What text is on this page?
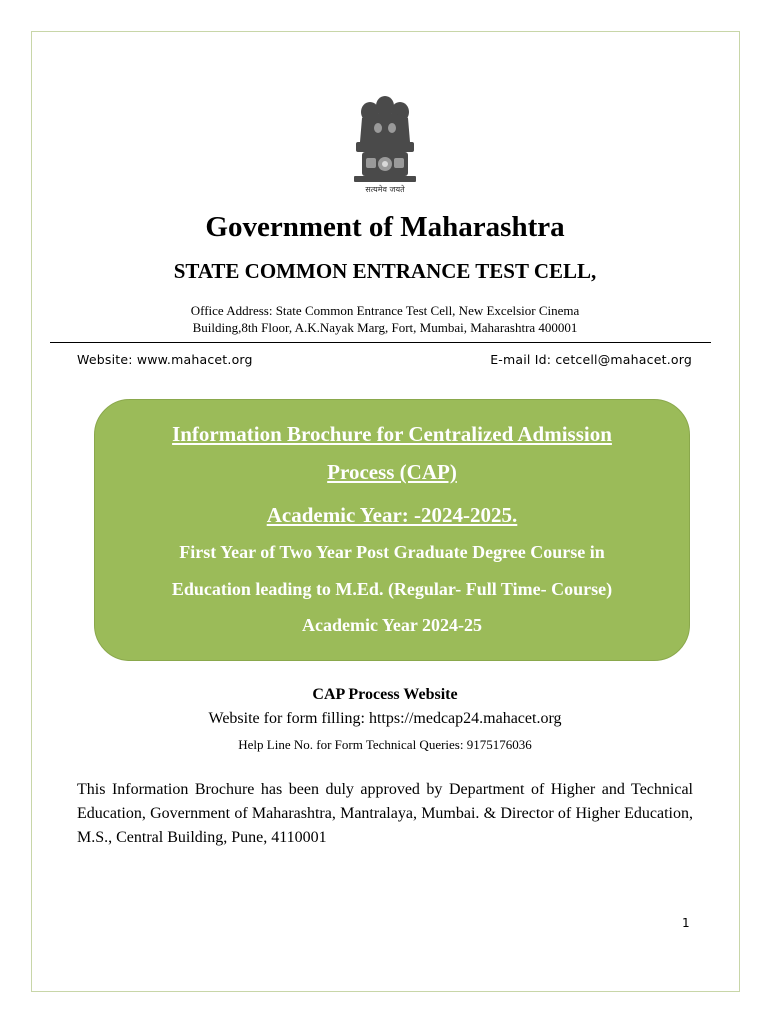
सत्यमेव जयते
Government of Maharashtra
STATE COMMON ENTRANCE TEST CELL,
Office Address: State Common Entrance Test Cell, New Excelsior Cinema
Building,8th Floor, A.K.Nayak Marg, Fort, Mumbai, Maharashtra 400001
Website: www.mahacet.org	E-mail Id: cetcell@mahacet.org
Information Brochure for Centralized Admission
Process (CAP)
Academic Year: -2024-2025.
First Year of Two Year Post Graduate Degree Course in
Education leading to M.Ed. (Regular- Full Time- Course)
Academic Year 2024-25
CAP Process Website
Website for form filling: https://medcap24.mahacet.org
Help Line No. for Form Technical Queries: 9175176036
This Information Brochure has been duly approved by Department of Higher and Technical Education, Government of Maharashtra, Mantralaya, Mumbai. & Director of Higher Education, M.S., Central Building, Pune, 4110001
1
